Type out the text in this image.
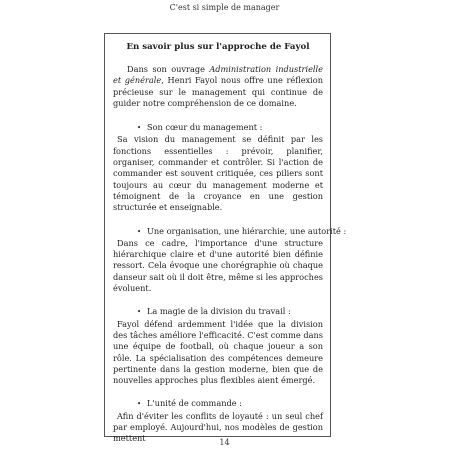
C'est si simple de manager
En savoir plus sur l'approche de Fayol

Dans son ouvrage Administration industrielle et générale, Henri Fayol nous offre une réflexion précieuse sur le management qui continue de guider notre compréhension de ce domaine.

• Son cœur du management :

Sa vision du management se définit par les fonctions essentielles : prévoir, planifier, organiser, commander et contrôler. Si l'action de commander est souvent critiquée, ces piliers sont toujours au cœur du management moderne et témoignent de la croyance en une gestion structurée et enseignable.

• Une organisation, une hiérarchie, une autorité :

Dans ce cadre, l'importance d'une structure hiérarchique claire et d'une autorité bien définie ressort. Cela évoque une chorégraphie où chaque danseur sait où il doit être, même si les approches évoluent.

• La magie de la division du travail :

Fayol défend ardemment l'idée que la division des tâches améliore l'efficacité. C'est comme dans une équipe de football, où chaque joueur a son rôle. La spécialisation des compétences demeure pertinente dans la gestion moderne, bien que de nouvelles approches plus flexibles aient émergé.

• L'unité de commande :

Afin d'éviter les conflits de loyauté : un seul chef par employé. Aujourd'hui, nos modèles de gestion mettent	14
